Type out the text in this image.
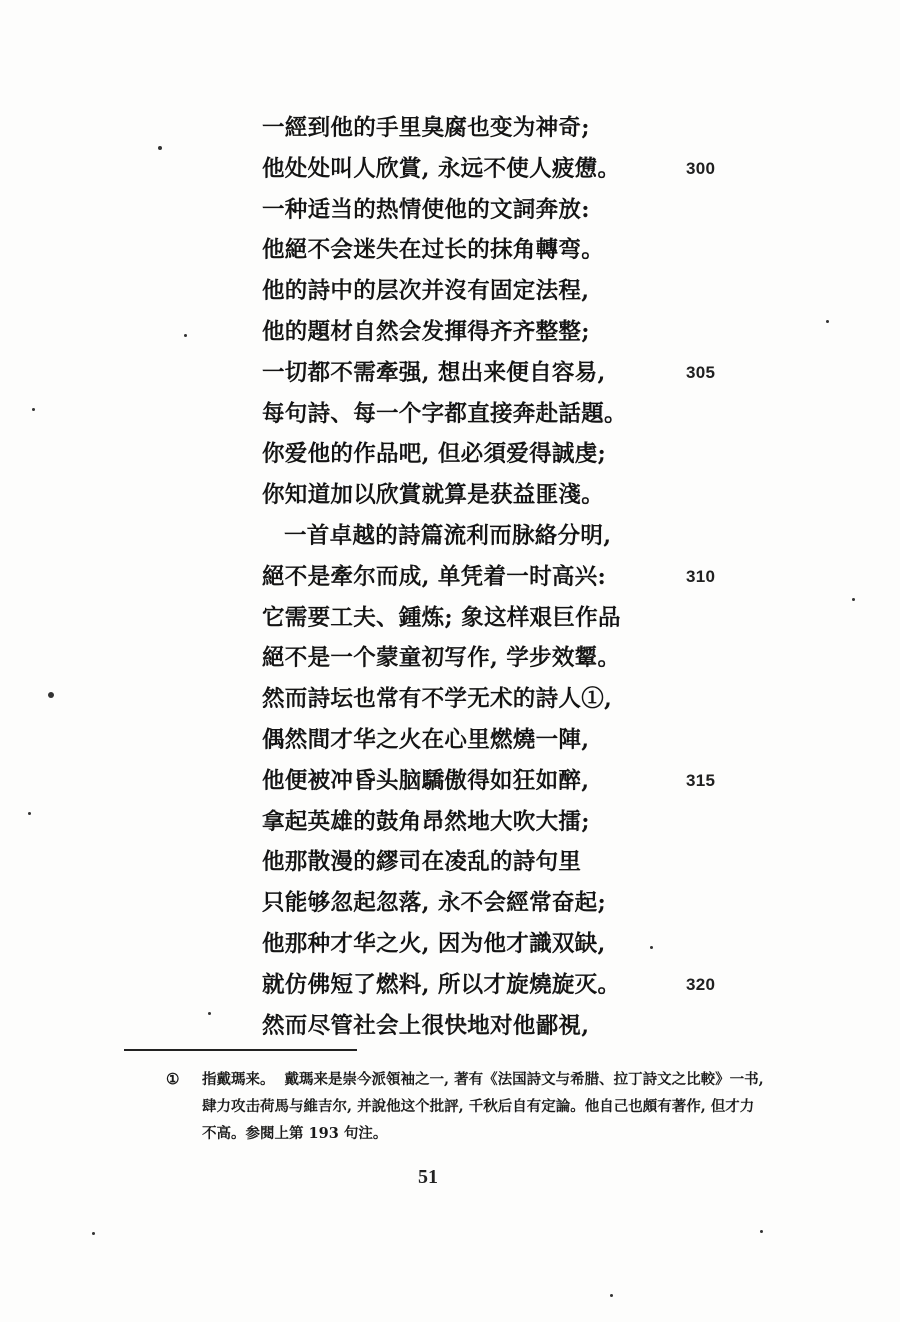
一經到他的手里臭腐也变为神奇;
他处处叫人欣賞, 永远不使人疲憊。	300
一种适当的热情使他的文詞奔放:
他絕不会迷失在过长的抹角轉弯。
他的詩中的层次并沒有固定法程,
他的題材自然会发揮得齐齐整整;
一切都不需牽强, 想出来便自容易,	305
每句詩、每一个字都直接奔赴話題。
你爱他的作品吧, 但必須爱得誠虔;
你知道加以欣賞就算是获益匪淺。
一首卓越的詩篇流利而脉絡分明,
絕不是牽尔而成, 单凭着一时高兴:	310
它需要工夫、鍾炼; 象这样艰巨作品
絕不是一个蒙童初写作, 学步效颦。
然而詩坛也常有不学无术的詩人①,
偶然間才华之火在心里燃燒一陣,
他便被冲昏头脑驕傲得如狂如醉,	315
拿起英雄的鼓角昂然地大吹大擂;
他那散漫的繆司在凌乱的詩句里
只能够忽起忽落, 永不会經常奋起;
他那种才华之火, 因为他才識双缺,
就仿佛短了燃料, 所以才旋燒旋灭。	320
然而尽管社会上很快地对他鄙視,
①	指戴瑪来。 戴瑪来是崇今派領袖之一, 著有《法国詩文与希腊、拉丁詩文之比較》一书, 肆力攻击荷馬与維吉尔, 并說他这个批評, 千秋后自有定論。他自己也頗有著作, 但才力不高。参閱上第 193 句注。
51
